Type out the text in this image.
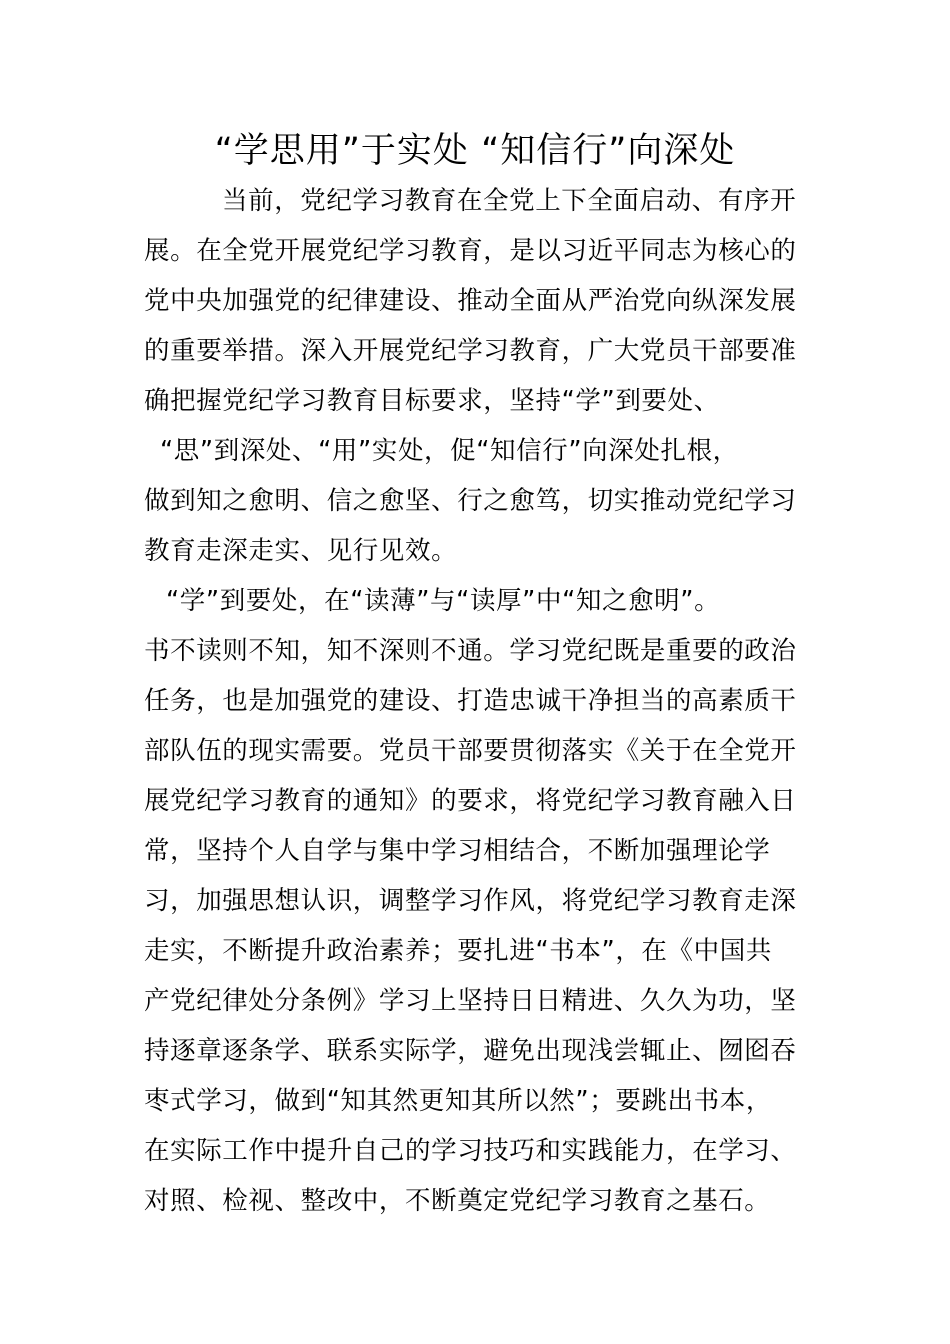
“学思用”于实处 “知信行”向深处
当前，党纪学习教育在全党上下全面启动、有序开
展。在全党开展党纪学习教育，是以习近平同志为核心的
党中央加强党的纪律建设、推动全面从严治党向纵深发展
的重要举措。深入开展党纪学习教育，广大党员干部要准
确把握党纪学习教育目标要求，坚持“学”到要处、
“思”到深处、“用”实处，促“知信行”向深处扎根，
做到知之愈明、信之愈坚、行之愈笃，切实推动党纪学习
教育走深走实、见行见效。
“学”到要处，在“读薄”与“读厚”中“知之愈明”。
书不读则不知，知不深则不通。学习党纪既是重要的政治
任务，也是加强党的建设、打造忠诚干净担当的高素质干
部队伍的现实需要。党员干部要贯彻落实《关于在全党开
展党纪学习教育的通知》的要求，将党纪学习教育融入日
常，坚持个人自学与集中学习相结合，不断加强理论学
习，加强思想认识，调整学习作风，将党纪学习教育走深
走实，不断提升政治素养；要扎进“书本”，在《中国共
产党纪律处分条例》学习上坚持日日精进、久久为功，坚
持逐章逐条学、联系实际学，避免出现浅尝辄止、囫囵吞
枣式学习，做到“知其然更知其所以然”；要跳出书本，
在实际工作中提升自己的学习技巧和实践能力，在学习、
对照、检视、整改中，不断奠定党纪学习教育之基石。
